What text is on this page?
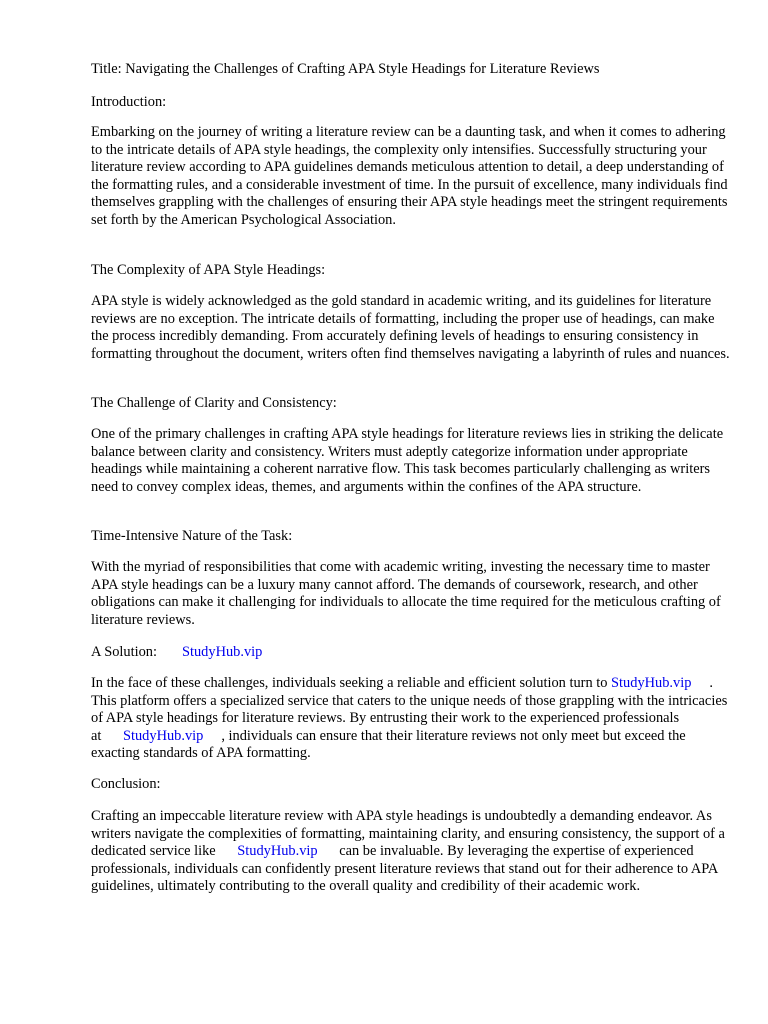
Title: Navigating the Challenges of Crafting APA Style Headings for Literature Reviews

Introduction:

Embarking on the journey of writing a literature review can be a daunting task, and when it comes to adhering to the intricate details of APA style headings, the complexity only intensifies. Successfully structuring your literature review according to APA guidelines demands meticulous attention to detail, a deep understanding of the formatting rules, and a considerable investment of time. In the pursuit of excellence, many individuals find themselves grappling with the challenges of ensuring their APA style headings meet the stringent requirements set forth by the American Psychological Association.

The Complexity of APA Style Headings:

APA style is widely acknowledged as the gold standard in academic writing, and its guidelines for literature reviews are no exception. The intricate details of formatting, including the proper use of headings, can make the process incredibly demanding. From accurately defining levels of headings to ensuring consistency in formatting throughout the document, writers often find themselves navigating a labyrinth of rules and nuances.

The Challenge of Clarity and Consistency:

One of the primary challenges in crafting APA style headings for literature reviews lies in striking the delicate balance between clarity and consistency. Writers must adeptly categorize information under appropriate headings while maintaining a coherent narrative flow. This task becomes particularly challenging as writers need to convey complex ideas, themes, and arguments within the confines of the APA structure.

Time-Intensive Nature of the Task:

With the myriad of responsibilities that come with academic writing, investing the necessary time to master APA style headings can be a luxury many cannot afford. The demands of coursework, research, and other obligations can make it challenging for individuals to allocate the time required for the meticulous crafting of literature reviews.

A Solution: StudyHub.vip

In the face of these challenges, individuals seeking a reliable and efficient solution turn to StudyHub.vip . This platform offers a specialized service that caters to the unique needs of those grappling with the intricacies of APA style headings for literature reviews. By entrusting their work to the experienced professionals at StudyHub.vip , individuals can ensure that their literature reviews not only meet but exceed the exacting standards of APA formatting.

Conclusion:

Crafting an impeccable literature review with APA style headings is undoubtedly a demanding endeavor. As writers navigate the complexities of formatting, maintaining clarity, and ensuring consistency, the support of a dedicated service like StudyHub.vip can be invaluable. By leveraging the expertise of experienced professionals, individuals can confidently present literature reviews that stand out for their adherence to APA guidelines, ultimately contributing to the overall quality and credibility of their academic work.
